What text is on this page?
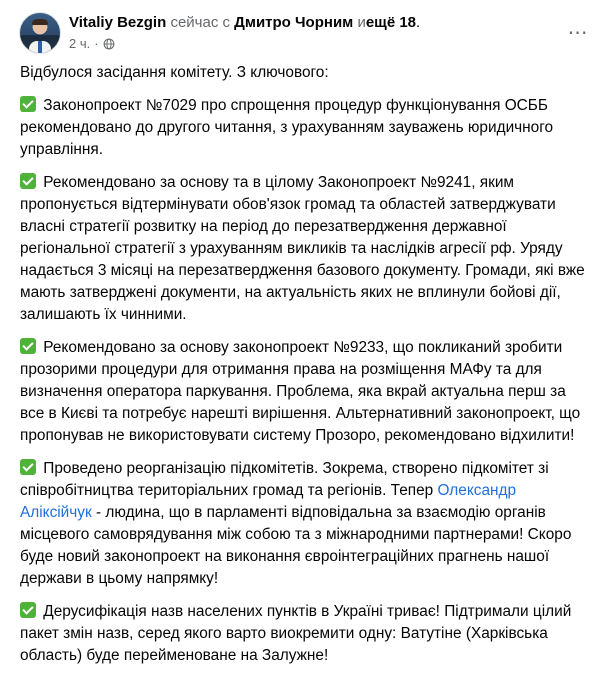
Vitaliy Bezgin сейчас с Дмитро Чорним иещё 18.
2 ч. ·	⋯

Відбулося засідання комітету. З ключового:

Законопроект №7029 про спрощення процедур функціонування ОСББ рекомендовано до другого читання, з урахуванням зауважень юридичного управління.

Рекомендовано за основу та в цілому Законопроект №9241, яким пропонується відтермінувати обов'язок громад та областей затверджувати власні стратегії розвитку на період до перезатвердження державної регіональної стратегії з урахуванням викликів та наслідків агресії рф. Уряду надається 3 місяці на перезатвердження базового документу. Громади, які вже мають затверджені документи, на актуальність яких не вплинули бойові дії, залишають їх чинними.

Рекомендовано за основу законопроект №9233, що покликаний зробити прозорими процедури для отримання права на розміщення МАФу та для визначення оператора паркування. Проблема, яка вкрай актуальна перш за все в Києві та потребує нарешті вирішення. Альтернативний законопроект, що пропонував не використовувати систему Прозоро, рекомендовано відхилити!

Проведено реорганізацію підкомітетів. Зокрема, створено підкомітет зі співробітництва територіальних громад та регіонів. Тепер Олександр Аліксійчук - людина, що в парламенті відповідальна за взаємодію органів місцевого самоврядування між собою та з міжнародними партнерами! Скоро буде новий законопроект на виконання євроінтеграційних прагнень нашої держави в цьому напрямку!

Дерусифікація назв населених пунктів в Україні триває! Підтримали цілий пакет змін назв, серед якого варто виокремити одну: Ватутіне (Харківська область) буде перейменоване на Залужне!
